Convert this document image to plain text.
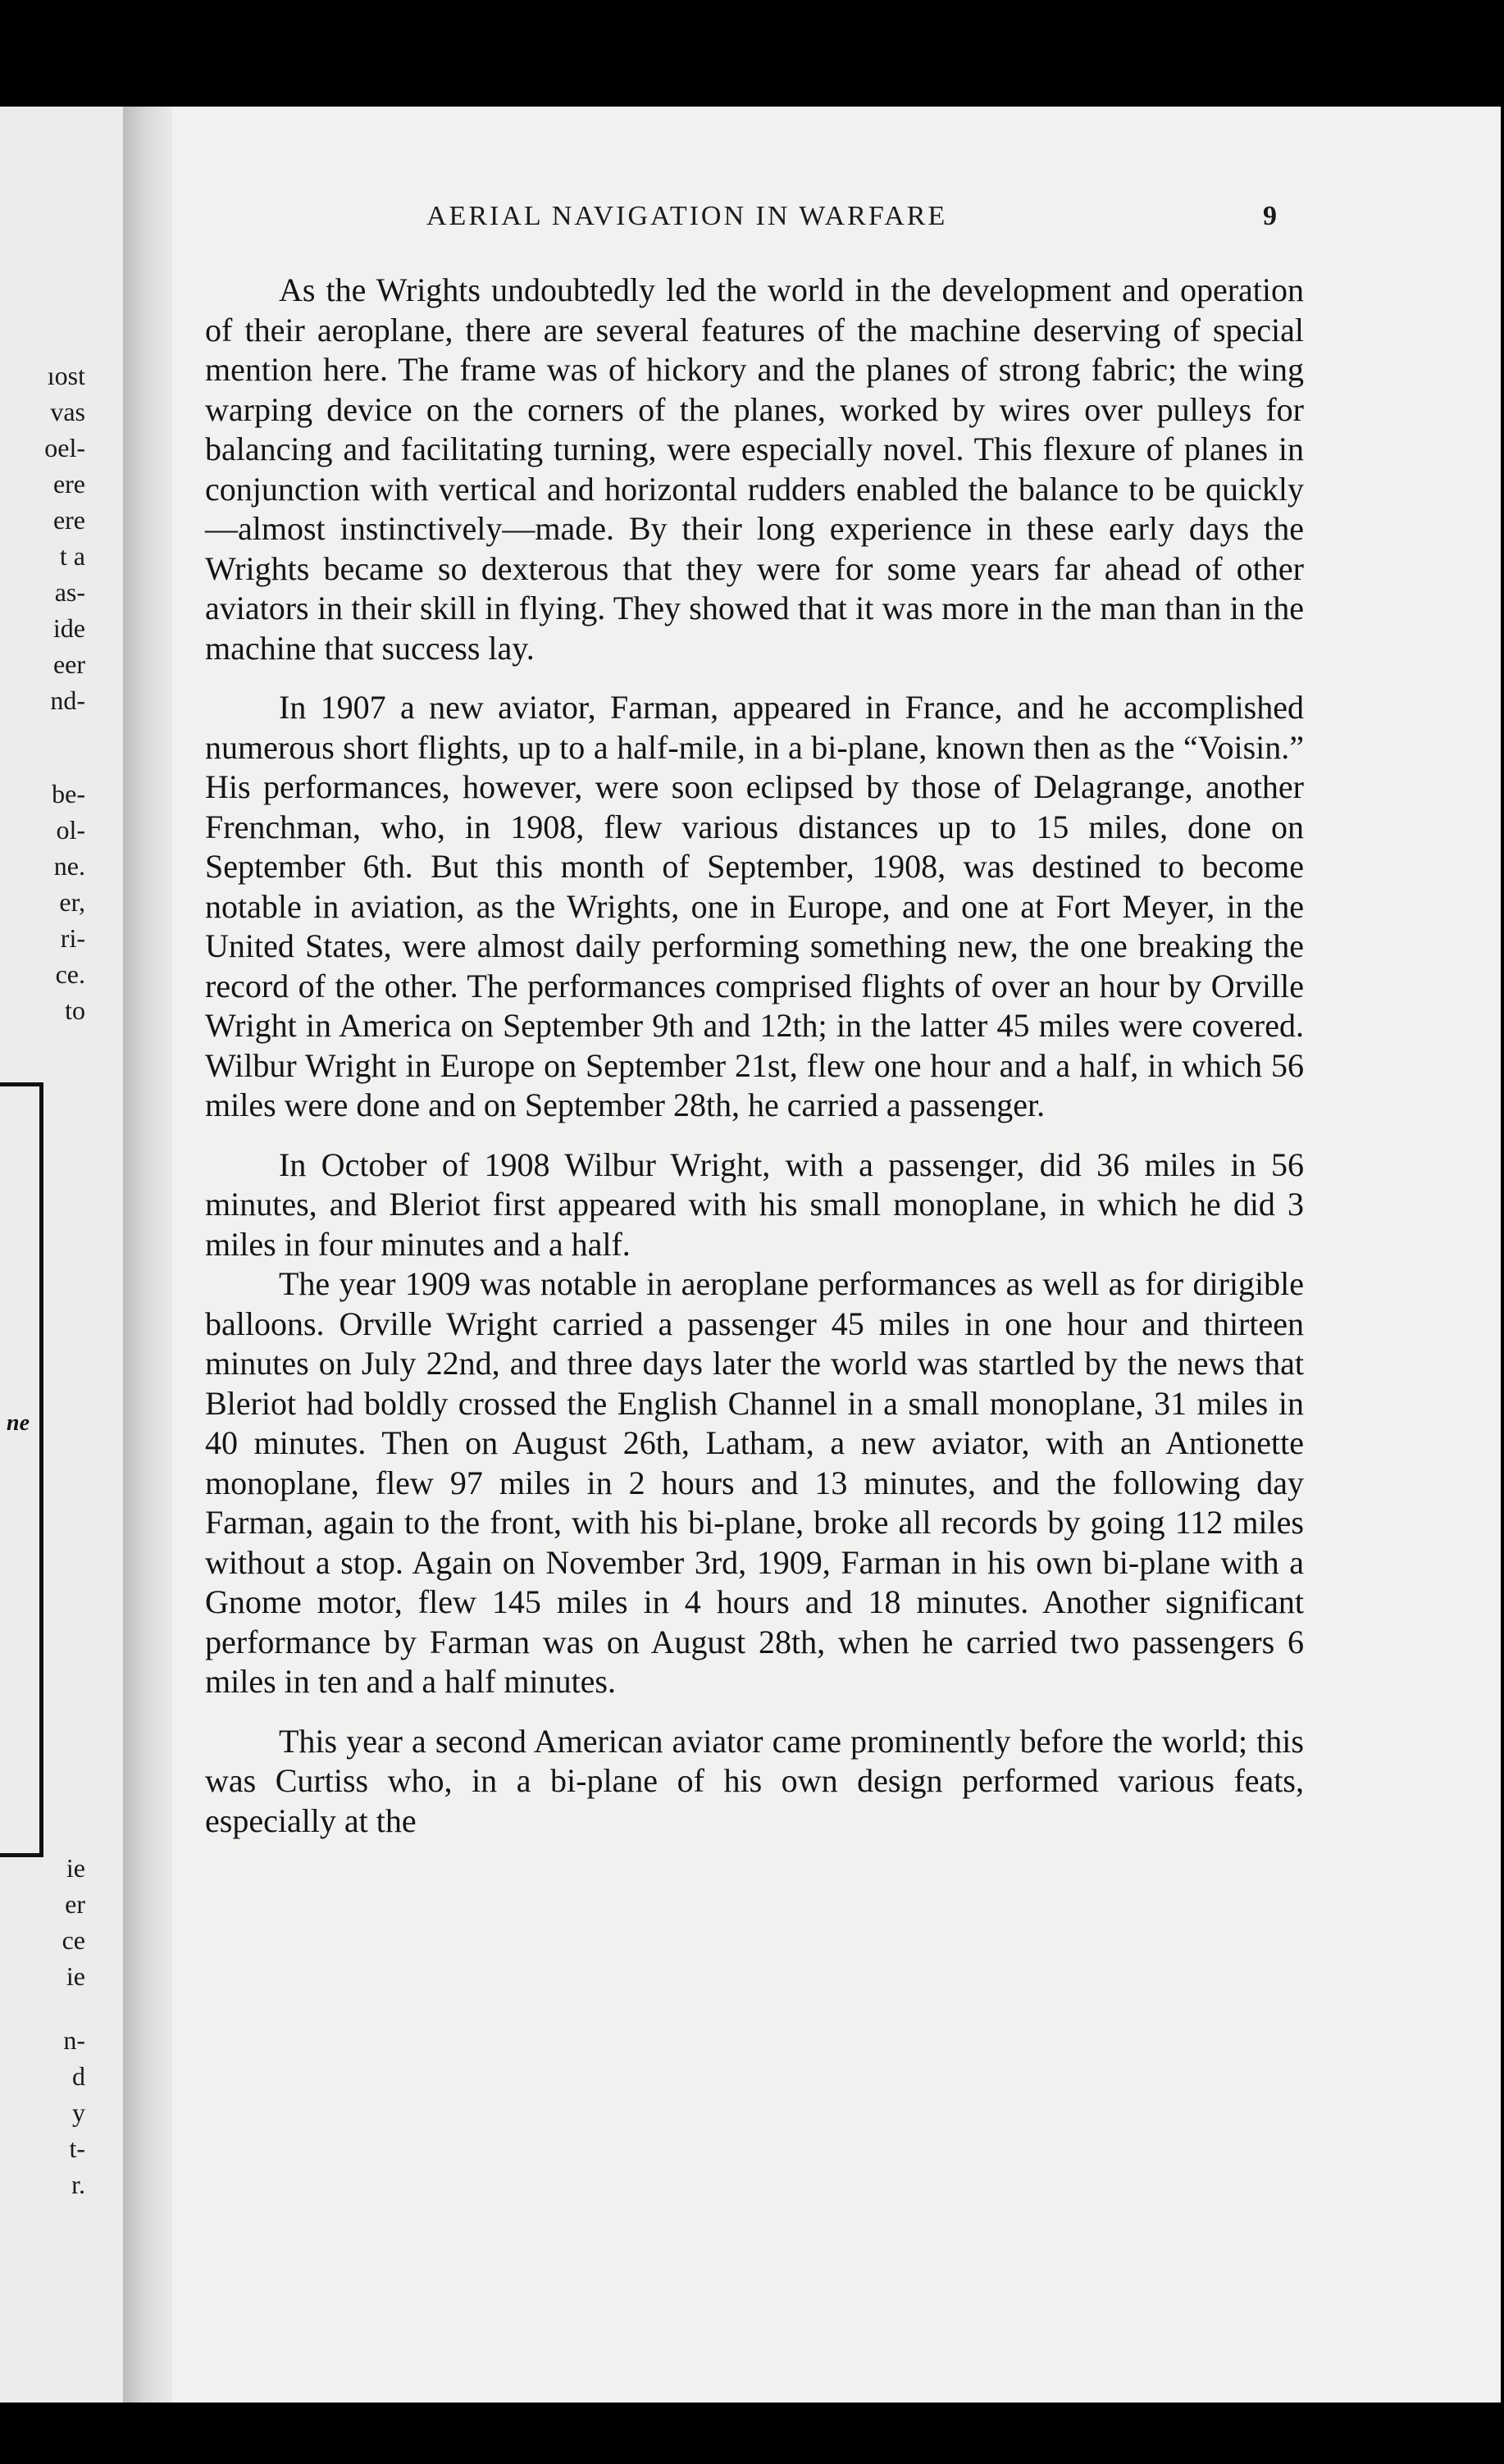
ıost
vas
oel-
ere
ere
t a
as-
ide
eer
nd-
be-
ol-
ne.
er,
ri-
ce.
to
ne
ie
er
ce
ie
n-
d
y
t-
r.
AERIAL NAVIGATION IN WARFARE	9

As the Wrights undoubtedly led the world in the development and operation of their aeroplane, there are several features of the machine deserving of special mention here. The frame was of hickory and the planes of strong fabric; the wing warping device on the corners of the planes, worked by wires over pulleys for balancing and facilitating turning, were especially novel. This flexure of planes in conjunction with vertical and horizontal rudders enabled the balance to be quickly —almost instinctively—made. By their long experience in these early days the Wrights became so dexterous that they were for some years far ahead of other aviators in their skill in flying. They showed that it was more in the man than in the machine that success lay.

In 1907 a new aviator, Farman, appeared in France, and he accomplished numerous short flights, up to a half-mile, in a bi-plane, known then as the “Voisin.” His performances, however, were soon eclipsed by those of Delagrange, another Frenchman, who, in 1908, flew various distances up to 15 miles, done on September 6th. But this month of September, 1908, was destined to become notable in aviation, as the Wrights, one in Europe, and one at Fort Meyer, in the United States, were almost daily performing something new, the one breaking the record of the other. The performances comprised flights of over an hour by Orville Wright in America on September 9th and 12th; in the latter 45 miles were covered. Wilbur Wright in Europe on September 21st, flew one hour and a half, in which 56 miles were done and on September 28th, he carried a passenger.

In October of 1908 Wilbur Wright, with a passenger, did 36 miles in 56 minutes, and Bleriot first appeared with his small monoplane, in which he did 3 miles in four minutes and a half.

The year 1909 was notable in aeroplane performances as well as for dirigible balloons. Orville Wright carried a passenger 45 miles in one hour and thirteen minutes on July 22nd, and three days later the world was startled by the news that Bleriot had boldly crossed the English Channel in a small monoplane, 31 miles in 40 minutes. Then on August 26th, Latham, a new aviator, with an Antionette monoplane, flew 97 miles in 2 hours and 13 minutes, and the following day Farman, again to the front, with his bi-plane, broke all records by going 112 miles without a stop. Again on November 3rd, 1909, Farman in his own bi-plane with a Gnome motor, flew 145 miles in 4 hours and 18 minutes. Another significant performance by Farman was on August 28th, when he carried two passengers 6 miles in ten and a half minutes.

This year a second American aviator came prominently before the world; this was Curtiss who, in a bi-plane of his own design performed various feats, especially at the
